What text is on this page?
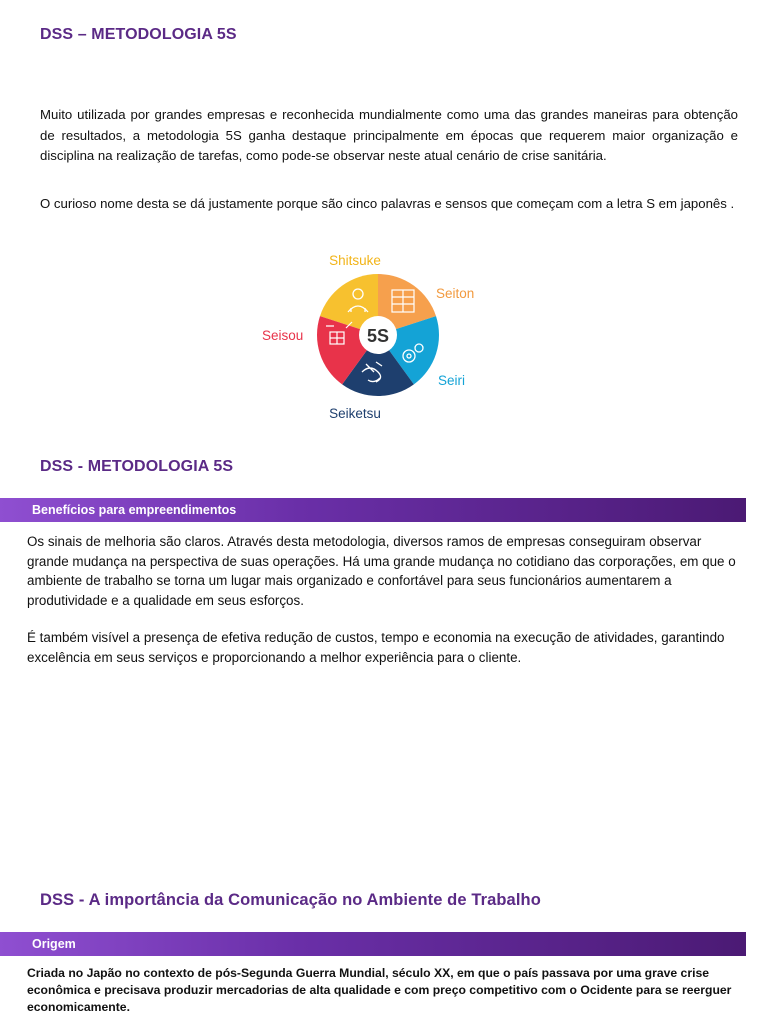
DSS – METODOLOGIA 5S

Muito utilizada por grandes empresas e reconhecida mundialmente como uma das grandes maneiras para obtenção de resultados, a metodologia 5S ganha destaque principalmente em épocas que requerem maior organização e disciplina na realização de tarefas, como pode-se observar neste atual cenário de crise sanitária.

O curioso nome desta se dá justamente porque são cinco palavras e sensos que começam com a letra S em japonês .

5S
Shitsuke
Seiton
Seiri
Seiketsu
Seisou
DSS - METODOLOGIA 5S
Benefícios para empreendimentos

Os sinais de melhoria são claros. Através desta metodologia, diversos ramos de empresas conseguiram observar grande mudança na perspectiva de suas operações. Há uma grande mudança no cotidiano das corporações, em que o ambiente de trabalho se torna um lugar mais organizado e confortável para seus funcionários aumentarem a produtividade e a qualidade em seus esforços.

É também visível a presença de efetiva redução de custos, tempo e economia na execução de atividades, garantindo excelência em seus serviços e proporcionando a melhor experiência para o cliente.

DSS - A importância da Comunicação no Ambiente de Trabalho
Origem

Criada no Japão no contexto de pós-Segunda Guerra Mundial, século XX, em que o país passava por uma grave crise econômica e precisava produzir mercadorias de alta qualidade e com preço competitivo com o Ocidente para se reerguer economicamente.
